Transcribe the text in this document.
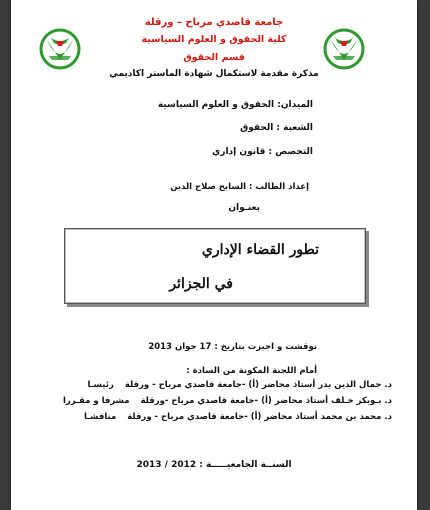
جامعة قاصدي مرباح – ورقلة
كلية الحقوق و العلوم السياسية
قسم الحقوق
مذكرة مقدمة لاستكمال شهادة الماستر اكاديمي
الميدان: الحقوق و العلوم السياسية
الشعبة : الحقوق
التخصص : قانون إداري
إعداد الطالب : السايح صلاح الدين
بعنـوان
تطور القضاء الإداري
في الجزائر
نوقشت و اجيزت بتاريخ : 17 جوان 2013
أمام اللجنة المكونة من السادة :
د. جمال الدين بدر أستاذ محاضر (أ) -جامعة قاصدي مرباح - ورقلة رئيسـا
د. بـوبكر خـلف أستاذ محاضر (أ) -جامعة قاصدي مرباح -ورقلة مشرفا و مقـررا
د. محمد بن محمد أستاذ محاضر (أ) -جامعة قاصدي مرباح - ورقلة مناقشـا
السنــة الجامعيـــــة : 2012 / 2013
